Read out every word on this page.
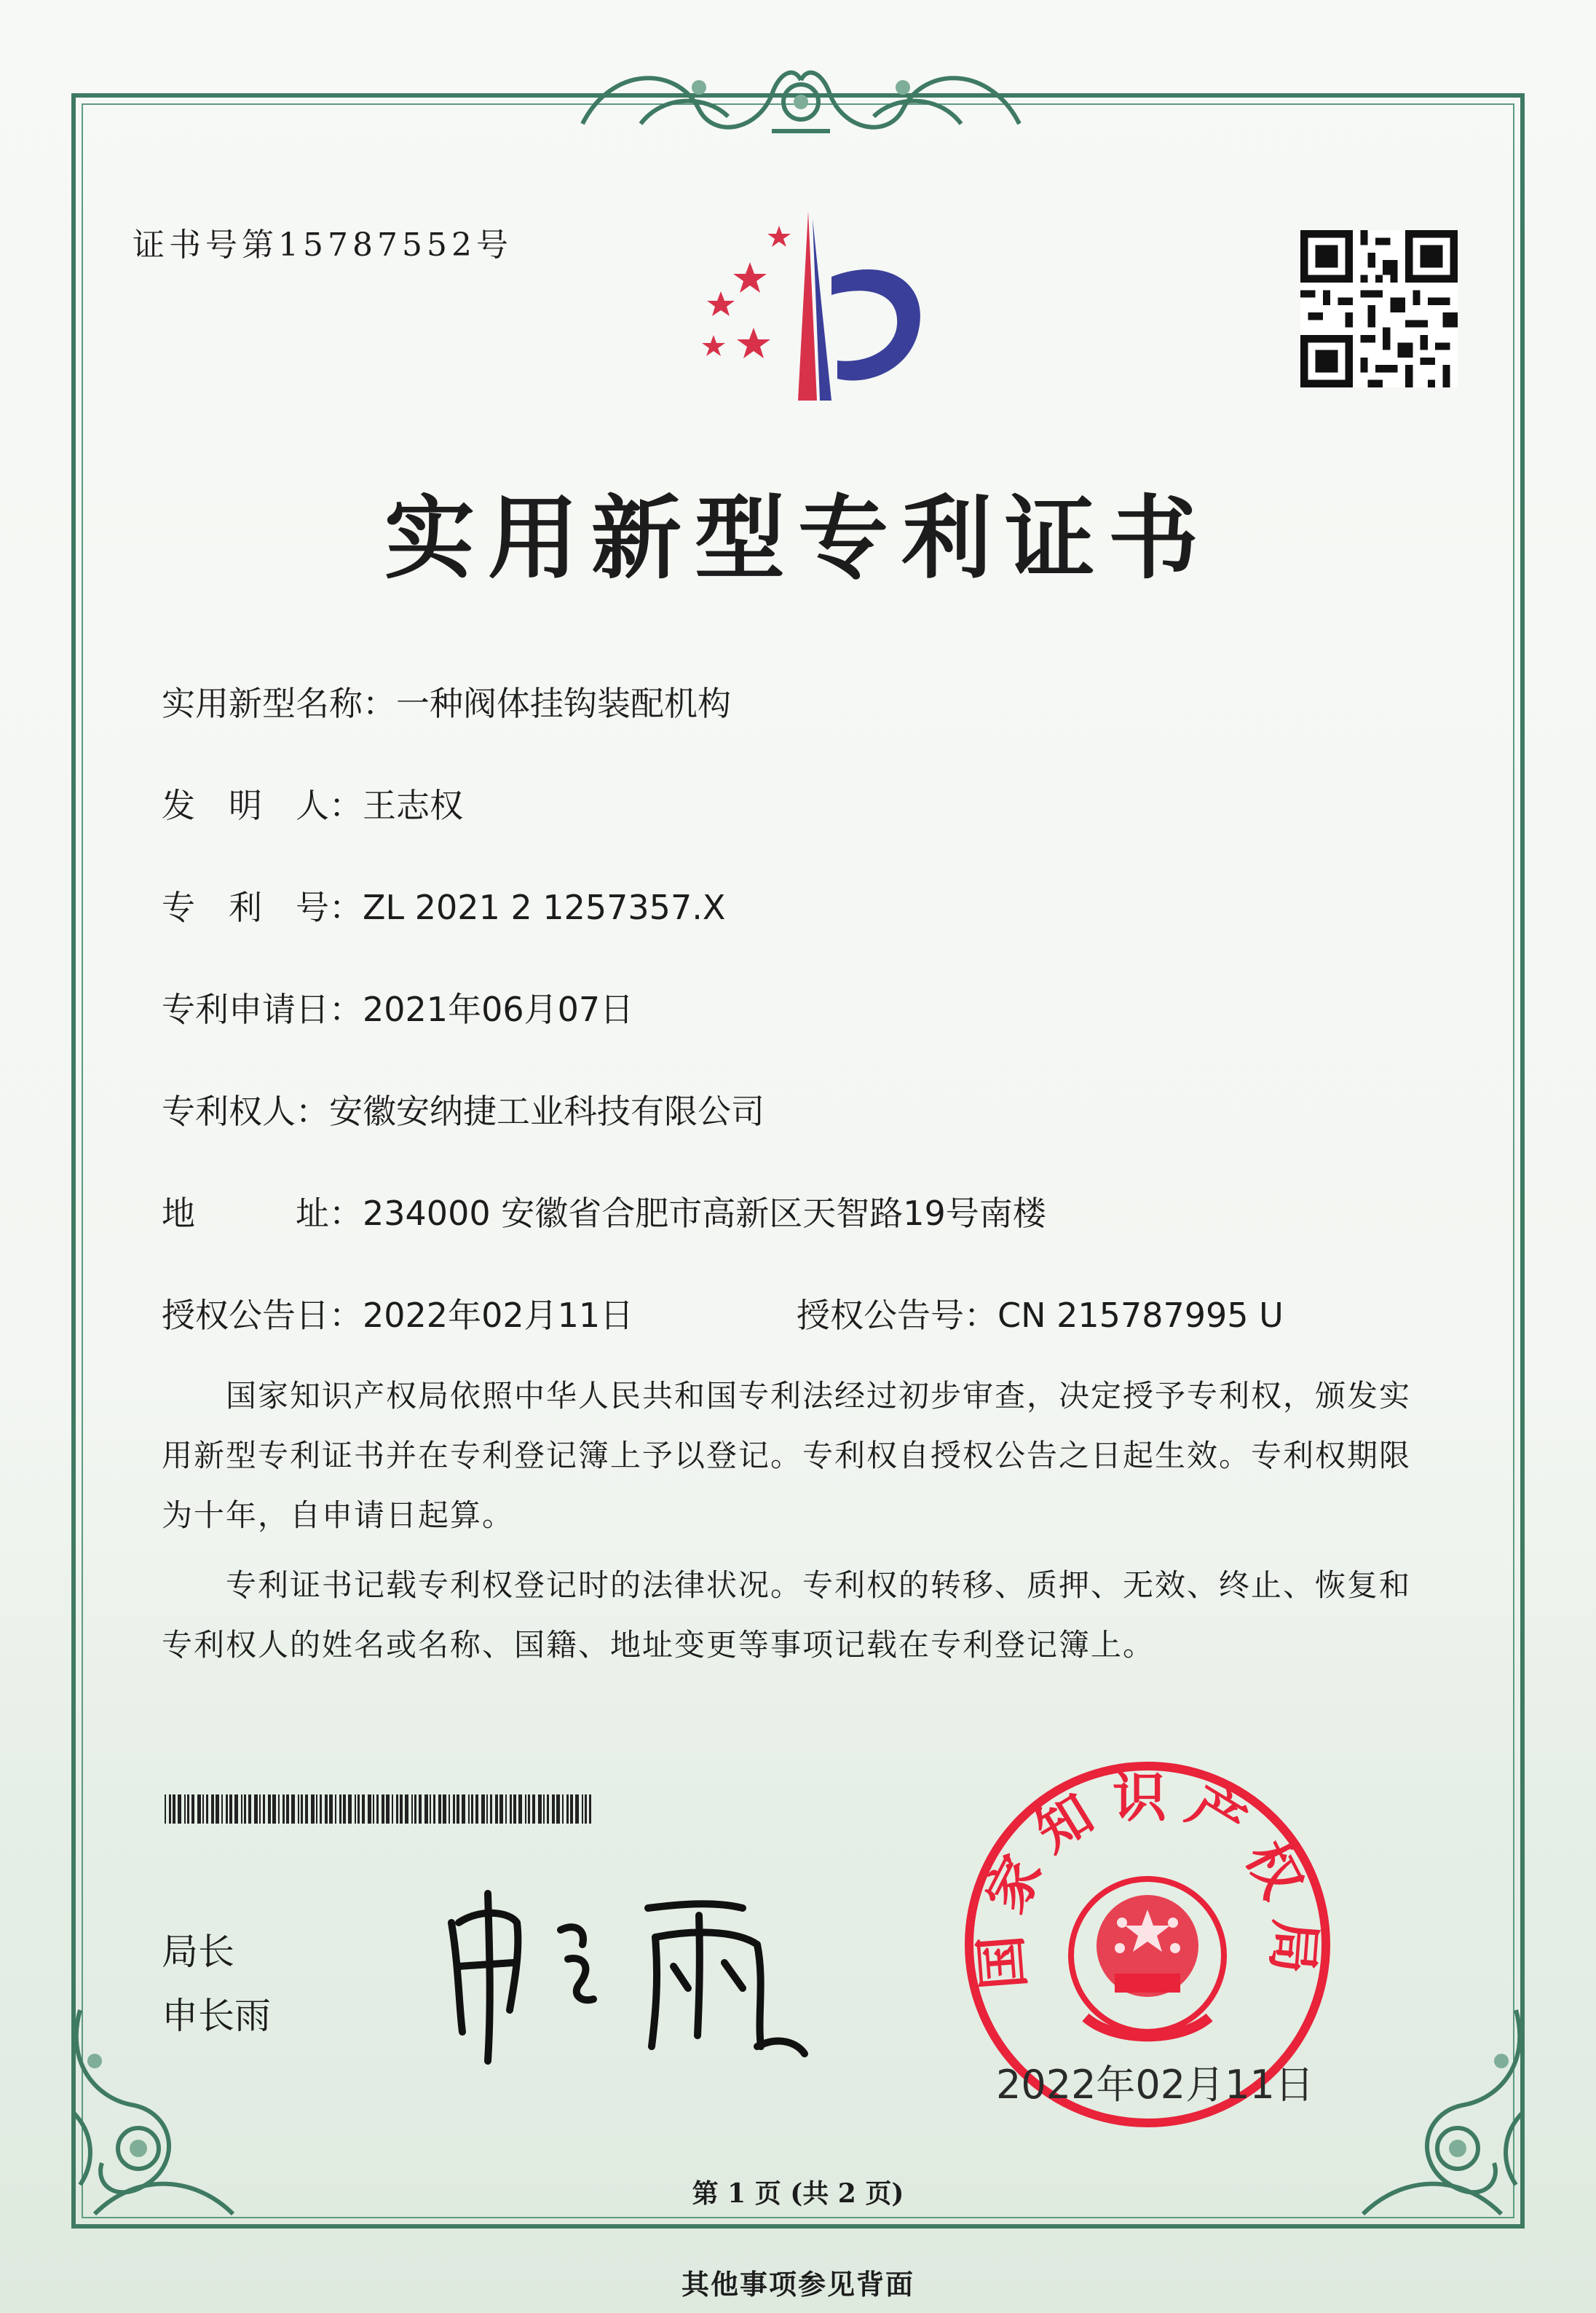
证书号第15787552号
实用新型专利证书
实用新型名称：一种阀体挂钩装配机构
发　明　人：王志权
专　利　号：ZL 2021 2 1257357.X
专利申请日：2021年06月07日
专利权人：安徽安纳捷工业科技有限公司
地　　　址：234000 安徽省合肥市高新区天智路19号南楼
授权公告日：2022年02月11日	授权公告号：CN 215787995 U

国家知识产权局依照中华人民共和国专利法经过初步审查，决定授予专利权，颁发实用新型专利证书并在专利登记簿上予以登记。专利权自授权公告之日起生效。专利权期限为十年，自申请日起算。

专利证书记载专利权登记时的法律状况。专利权的转移、质押、无效、终止、恢复和专利权人的姓名或名称、国籍、地址变更等事项记载在专利登记簿上。

局长
申长雨
国家知识产权局
2022年02月11日
第 1 页 (共 2 页)
其他事项参见背面
